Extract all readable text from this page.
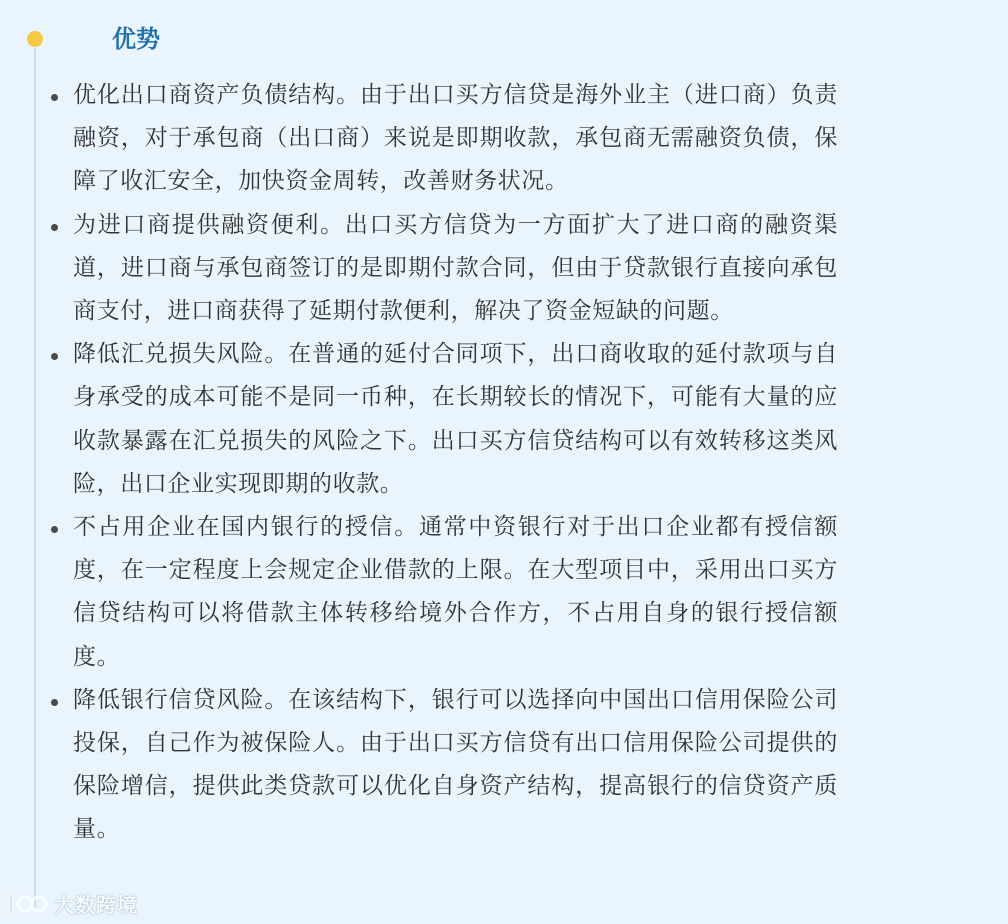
优势
优化出口商资产负债结构。由于出口买方信贷是海外业主（进口商）负责融资，对于承包商（出口商）来说是即期收款，承包商无需融资负债，保障了收汇安全，加快资金周转，改善财务状况。
为进口商提供融资便利。出口买方信贷为一方面扩大了进口商的融资渠道，进口商与承包商签订的是即期付款合同，但由于贷款银行直接向承包商支付，进口商获得了延期付款便利，解决了资金短缺的问题。
降低汇兑损失风险。在普通的延付合同项下，出口商收取的延付款项与自身承受的成本可能不是同一币种，在长期较长的情况下，可能有大量的应收款暴露在汇兑损失的风险之下。出口买方信贷结构可以有效转移这类风险，出口企业实现即期的收款。
不占用企业在国内银行的授信。通常中资银行对于出口企业都有授信额度，在一定程度上会规定企业借款的上限。在大型项目中，采用出口买方信贷结构可以将借款主体转移给境外合作方，不占用自身的银行授信额度。
降低银行信贷风险。在该结构下，银行可以选择向中国出口信用保险公司投保，自己作为被保险人。由于出口买方信贷有出口信用保险公司提供的保险增信，提供此类贷款可以优化自身资产结构，提高银行的信贷资产质量。
大数跨境
